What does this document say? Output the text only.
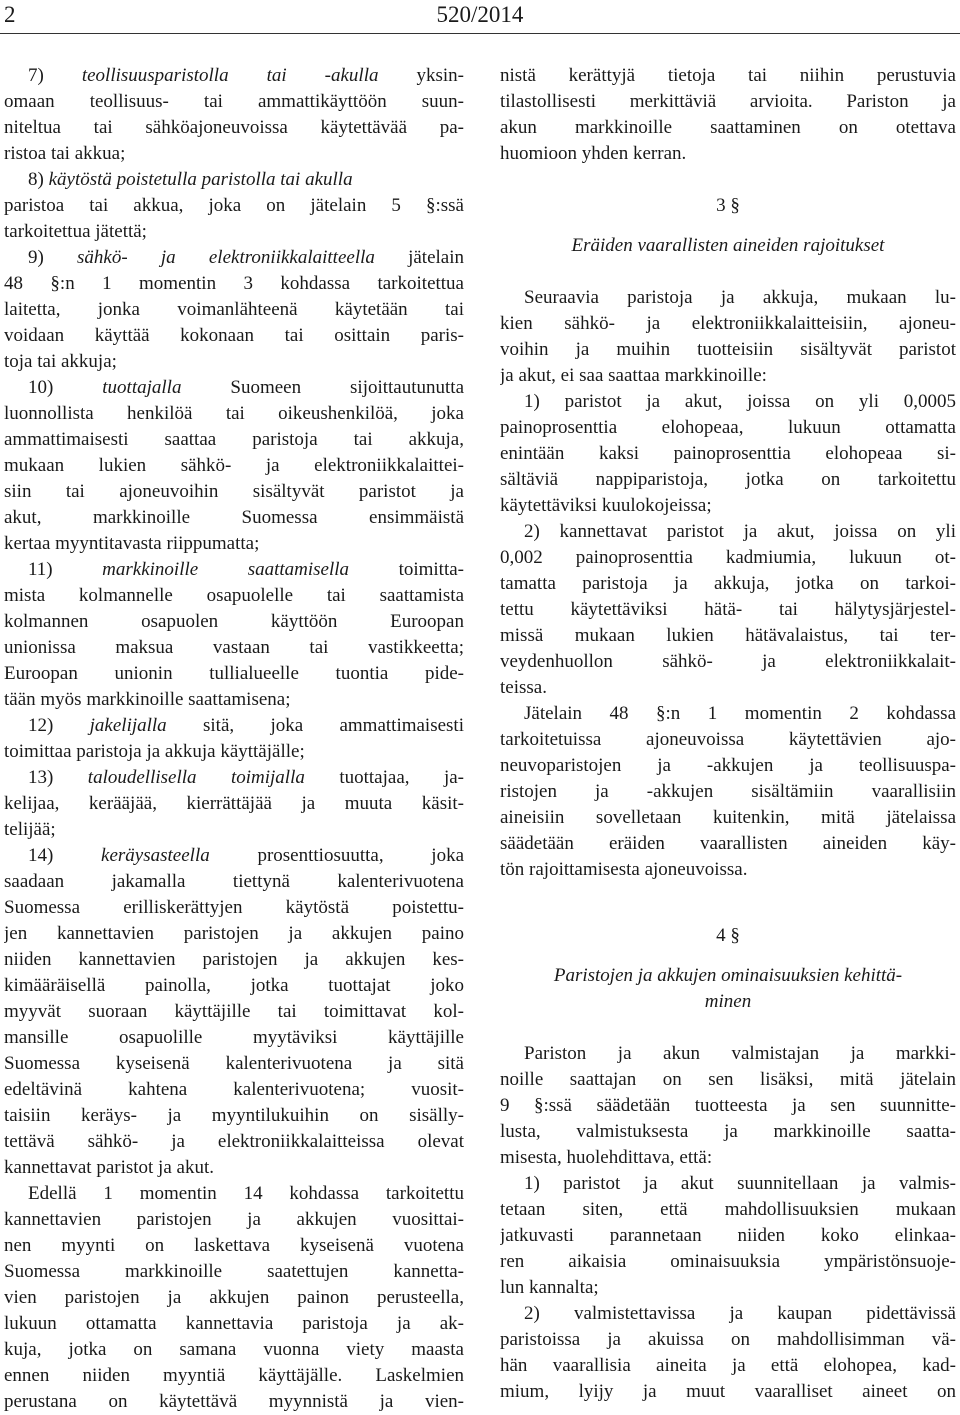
2	520/2014
7) teollisuusparistolla tai -akulla yksin-
omaan teollisuus- tai ammattikäyttöön suun-
niteltua tai sähköajoneuvoissa käytettävää pa-
ristoa tai akkua;
8) käytöstä poistetulla paristolla tai akulla
paristoa tai akkua, joka on jätelain 5 §:ssä
tarkoitettua jätettä;
9) sähkö- ja elektroniikkalaitteella jätelain
48 §:n 1 momentin 3 kohdassa tarkoitettua
laitetta, jonka voimanlähteenä käytetään tai
voidaan käyttää kokonaan tai osittain paris-
toja tai akkuja;
10) tuottajalla Suomeen sijoittautunutta
luonnollista henkilöä tai oikeushenkilöä, joka
ammattimaisesti saattaa paristoja tai akkuja,
mukaan lukien sähkö- ja elektroniikkalaittei-
siin tai ajoneuvoihin sisältyvät paristot ja
akut, markkinoille Suomessa ensimmäistä
kertaa myyntitavasta riippumatta;
11) markkinoille saattamisella toimitta-
mista kolmannelle osapuolelle tai saattamista
kolmannen osapuolen käyttöön Euroopan
unionissa maksua vastaan tai vastikkeetta;
Euroopan unionin tullialueelle tuontia pide-
tään myös markkinoille saattamisena;
12) jakelijalla sitä, joka ammattimaisesti
toimittaa paristoja ja akkuja käyttäjälle;
13) taloudellisella toimijalla tuottajaa, ja-
kelijaa, kerääjää, kierrättäjää ja muuta käsit-
telijää;
14) keräysasteella prosenttiosuutta, joka
saadaan jakamalla tiettynä kalenterivuotena
Suomessa erilliskerättyjen käytöstä poistettu-
jen kannettavien paristojen ja akkujen paino
niiden kannettavien paristojen ja akkujen kes-
kimääräisellä painolla, jotka tuottajat joko
myyvät suoraan käyttäjille tai toimittavat kol-
mansille osapuolille myytäviksi käyttäjille
Suomessa kyseisenä kalenterivuotena ja sitä
edeltävinä kahtena kalenterivuotena; vuosit-
taisiin keräys- ja myyntilukuihin on sisälly-
tettävä sähkö- ja elektroniikkalaitteissa olevat
kannettavat paristot ja akut.
Edellä 1 momentin 14 kohdassa tarkoitettu
kannettavien paristojen ja akkujen vuosittai-
nen myynti on laskettava kyseisenä vuotena
Suomessa markkinoille saatettujen kannetta-
vien paristojen ja akkujen painon perusteella,
lukuun ottamatta kannettavia paristoja ja ak-
kuja, jotka on samana vuonna viety maasta
ennen niiden myyntiä käyttäjälle. Laskelmien
perustana on käytettävä myynnistä ja vien-
nistä kerättyjä tietoja tai niihin perustuvia
tilastollisesti merkittäviä arvioita. Pariston ja
akun markkinoille saattaminen on otettava
huomioon yhden kerran.
3 §
Eräiden vaarallisten aineiden rajoitukset
Seuraavia paristoja ja akkuja, mukaan lu-
kien sähkö- ja elektroniikkalaitteisiin, ajoneu-
voihin ja muihin tuotteisiin sisältyvät paristot
ja akut, ei saa saattaa markkinoille:
1) paristot ja akut, joissa on yli 0,0005
painoprosenttia elohopeaa, lukuun ottamatta
enintään kaksi painoprosenttia elohopeaa si-
sältäviä nappiparistoja, jotka on tarkoitettu
käytettäviksi kuulokojeissa;
2) kannettavat paristot ja akut, joissa on yli
0,002 painoprosenttia kadmiumia, lukuun ot-
tamatta paristoja ja akkuja, jotka on tarkoi-
tettu käytettäviksi hätä- tai hälytysjärjestel-
missä mukaan lukien hätävalaistus, tai ter-
veydenhuollon sähkö- ja elektroniikkalait-
teissa.
Jätelain 48 §:n 1 momentin 2 kohdassa
tarkoitetuissa ajoneuvoissa käytettävien ajo-
neuvoparistojen ja -akkujen ja teollisuuspa-
ristojen ja -akkujen sisältämiin vaarallisiin
aineisiin sovelletaan kuitenkin, mitä jätelaissa
säädetään eräiden vaarallisten aineiden käy-
tön rajoittamisesta ajoneuvoissa.
4 §
Paristojen ja akkujen ominaisuuksien kehittä-
minen
Pariston ja akun valmistajan ja markki-
noille saattajan on sen lisäksi, mitä jätelain
9 §:ssä säädetään tuotteesta ja sen suunnitte-
lusta, valmistuksesta ja markkinoille saatta-
misesta, huolehdittava, että:
1) paristot ja akut suunnitellaan ja valmis-
tetaan siten, että mahdollisuuksien mukaan
jatkuvasti parannetaan niiden koko elinkaa-
ren aikaisia ominaisuuksia ympäristönsuoje-
lun kannalta;
2) valmistettavissa ja kaupan pidettävissä
paristoissa ja akuissa on mahdollisimman vä-
hän vaarallisia aineita ja että elohopea, kad-
mium, lyijy ja muut vaaralliset aineet on
